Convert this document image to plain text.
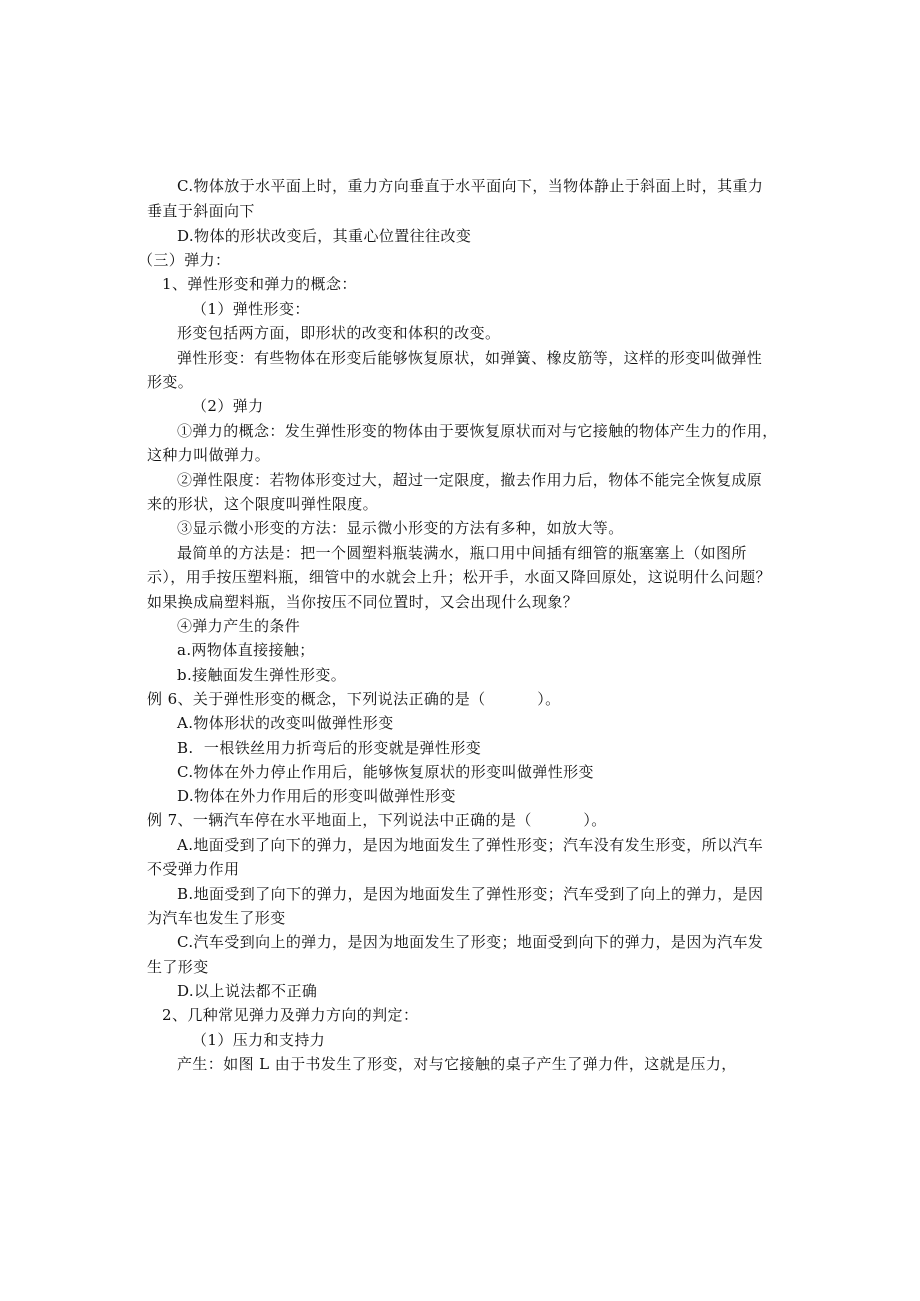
C.物体放于水平面上时，重力方向垂直于水平面向下，当物体静止于斜面上时，其重力
垂直于斜面向下
D.物体的形状改变后，其重心位置往往改变
（三）弹力：
1、弹性形变和弹力的概念：
（1）弹性形变：
形变包括两方面，即形状的改变和体积的改变。
弹性形变：有些物体在形变后能够恢复原状，如弹簧、橡皮筋等，这样的形变叫做弹性
形变。
（2）弹力
①弹力的概念：发生弹性形变的物体由于要恢复原状而对与它接触的物体产生力的作用，
这种力叫做弹力。
②弹性限度：若物体形变过大，超过一定限度，撤去作用力后，物体不能完全恢复成原
来的形状，这个限度叫弹性限度。
③显示微小形变的方法：显示微小形变的方法有多种，如放大等。
最简单的方法是：把一个圆塑料瓶装满水，瓶口用中间插有细管的瓶塞塞上（如图所
示），用手按压塑料瓶，细管中的水就会上升；松开手，水面又降回原处，这说明什么问题？
如果换成扁塑料瓶，当你按压不同位置时，又会出现什么现象？
④弹力产生的条件
a.两物体直接接触；
b.接触面发生弹性形变。
例 6、关于弹性形变的概念，下列说法正确的是（          ）。
A.物体形状的改变叫做弹性形变
B.  一根铁丝用力折弯后的形变就是弹性形变
C.物体在外力停止作用后，能够恢复原状的形变叫做弹性形变
D.物体在外力作用后的形变叫做弹性形变
例 7、一辆汽车停在水平地面上，下列说法中正确的是（          ）。
A.地面受到了向下的弹力，是因为地面发生了弹性形变；汽车没有发生形变，所以汽车
不受弹力作用
B.地面受到了向下的弹力，是因为地面发生了弹性形变；汽车受到了向上的弹力，是因
为汽车也发生了形变
C.汽车受到向上的弹力，是因为地面发生了形变；地面受到向下的弹力，是因为汽车发
生了形变
D.以上说法都不正确
2、几种常见弹力及弹力方向的判定：
（1）压力和支持力
产生：如图 L 由于书发生了形变，对与它接触的桌子产生了弹力件，这就是压力，
